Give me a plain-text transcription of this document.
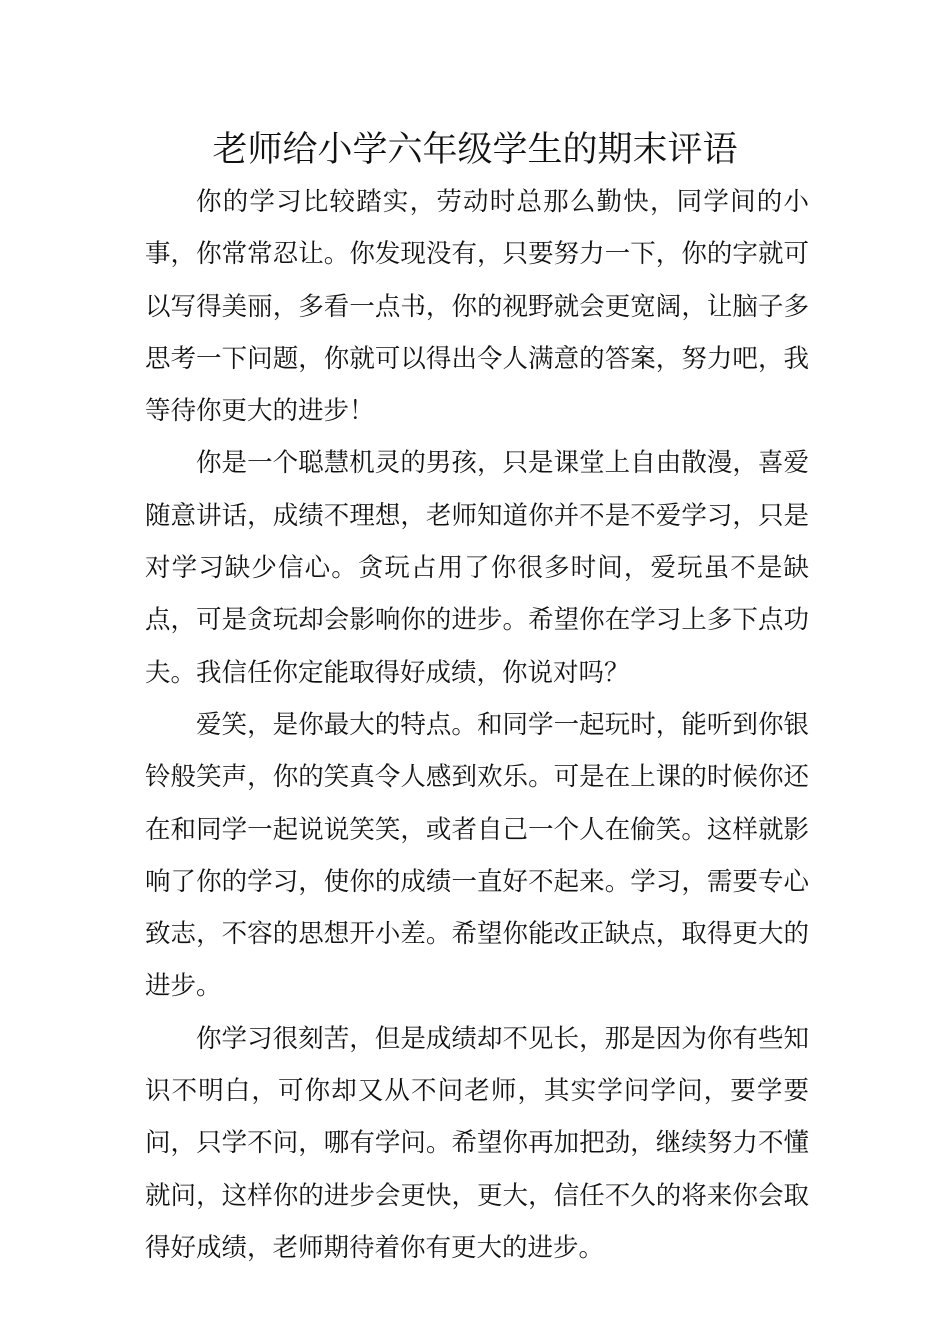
老师给小学六年级学生的期末评语

你的学习比较踏实，劳动时总那么勤快，同学间的小事，你常常忍让。你发现没有，只要努力一下，你的字就可以写得美丽，多看一点书，你的视野就会更宽阔，让脑子多思考一下问题，你就可以得出令人满意的答案，努力吧，我等待你更大的进步！

你是一个聪慧机灵的男孩，只是课堂上自由散漫，喜爱随意讲话，成绩不理想，老师知道你并不是不爱学习，只是对学习缺少信心。贪玩占用了你很多时间，爱玩虽不是缺点，可是贪玩却会影响你的进步。希望你在学习上多下点功夫。我信任你定能取得好成绩，你说对吗？

爱笑，是你最大的特点。和同学一起玩时，能听到你银铃般笑声，你的笑真令人感到欢乐。可是在上课的时候你还在和同学一起说说笑笑，或者自己一个人在偷笑。这样就影响了你的学习，使你的成绩一直好不起来。学习，需要专心致志，不容的思想开小差。希望你能改正缺点，取得更大的进步。

你学习很刻苦，但是成绩却不见长，那是因为你有些知识不明白，可你却又从不问老师，其实学问学问，要学要问，只学不问，哪有学问。希望你再加把劲，继续努力不懂就问，这样你的进步会更快，更大，信任不久的将来你会取得好成绩，老师期待着你有更大的进步。
